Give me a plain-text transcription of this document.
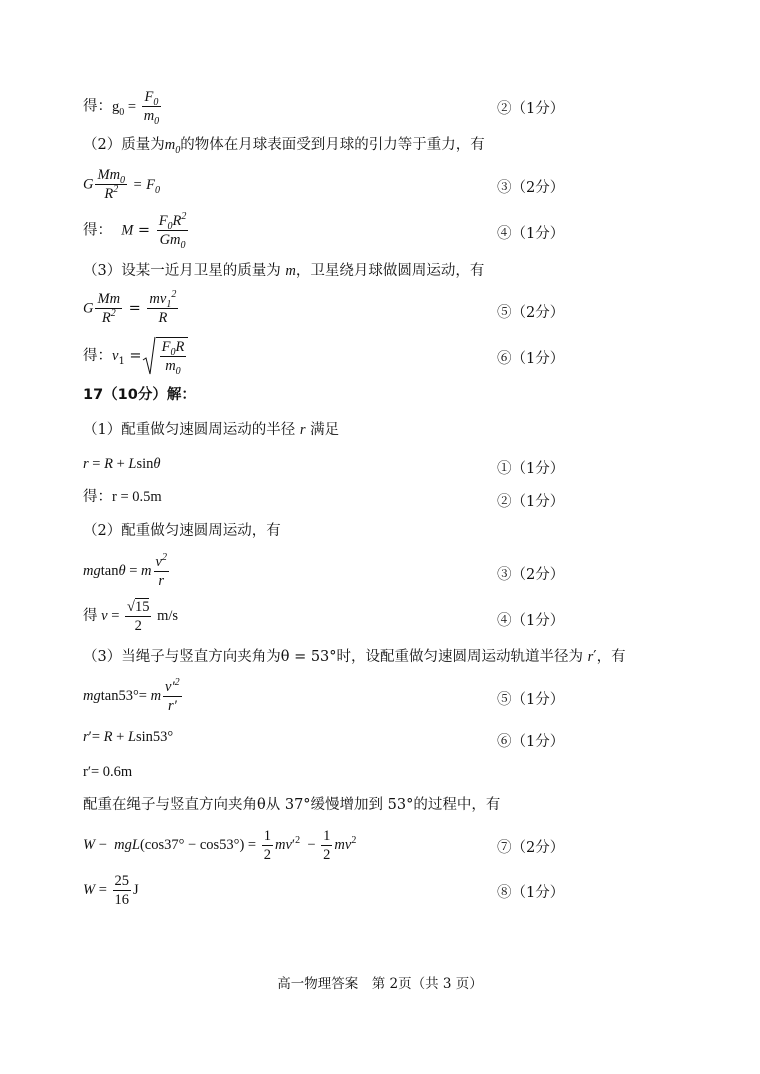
得：$g_0 = \frac{F_0}{m_0}$	②（1分）
（2）质量为$m_0$的物体在月球表面受到月球的引力等于重力，有
G $\frac{Mm_0}{R^2} = F_0$	③（2分）
得： $M = \frac{F_0R^2}{Gm_0}$	④（1分）
（3）设某一近月卫星的质量为 m，卫星绕月球做圆周运动，有
G $\frac{Mm}{R^2} = \frac{mv_1^2}{R}$	⑤（2分）
得：$v_1 = \frac{F_0R}{m_0}$	⑥（1分）
17（10分）解：
（1）配重做匀速圆周运动的半径 r 满足
r = R + Lsinθ	①（1分）
得：r = 0.5m	②（1分）
（2）配重做匀速圆周运动，有
mgtanθ = m $\frac{v^2}{r}$	③（2分）
得 $v = \frac{√15}{2} m/s$	④（1分）
（3）当绳子与竖直方向夹角为θ = 53°时，设配重做匀速圆周运动轨道半径为 r′，有
mgtan53°= m $\frac{v'^2}{r'}$	⑤（1分）
r′= R + Lsin53°	⑥（1分）
r′= 0.6m
配重在绳子与竖直方向夹角θ从 37°缓慢增加到 53°的过程中，有
$W - mgL(\cos 37^\circ - \cos 53^\circ) = \frac{1}{2} mv'^2 - \frac{1}{2} mv^2$	⑦（2分）
$W = \frac{25}{16}$ J	⑧（1分）
高一物理答案　第 2页（共 3 页）
